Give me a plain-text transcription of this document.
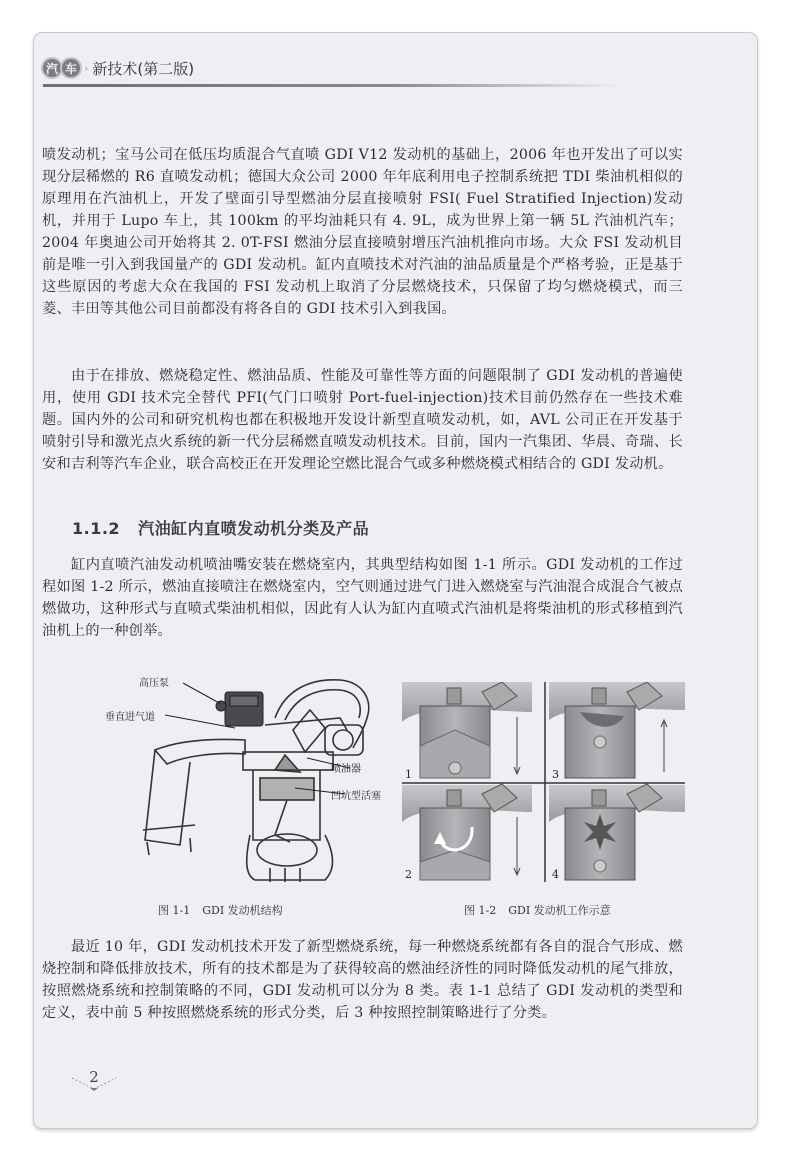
汽 车 › 新技术(第二版)

喷发动机；宝马公司在低压均质混合气直喷 GDI V12 发动机的基础上，2006 年也开发出了可以实现分层稀燃的 R6 直喷发动机；德国大众公司 2000 年年底利用电子控制系统把 TDI 柴油机相似的原理用在汽油机上，开发了壁面引导型燃油分层直接喷射 FSI( Fuel Stratified Injection)发动机，并用于 Lupo 车上，其 100km 的平均油耗只有 4. 9L，成为世界上第一辆 5L 汽油机汽车；2004 年奥迪公司开始将其 2. 0T-FSI 燃油分层直接喷射增压汽油机推向市场。大众 FSI 发动机目前是唯一引入到我国量产的 GDI 发动机。缸内直喷技术对汽油的油品质量是个严格考验，正是基于这些原因的考虑大众在我国的 FSI 发动机上取消了分层燃烧技术，只保留了均匀燃烧模式，而三菱、丰田等其他公司目前都没有将各自的 GDI 技术引入到我国。

由于在排放、燃烧稳定性、燃油品质、性能及可靠性等方面的问题限制了 GDI 发动机的普遍使用，使用 GDI 技术完全替代 PFI(气门口喷射 Port-fuel-injection)技术目前仍然存在一些技术难题。国内外的公司和研究机构也都在积极地开发设计新型直喷发动机，如，AVL 公司正在开发基于喷射引导和激光点火系统的新一代分层稀燃直喷发动机技术。目前，国内一汽集团、华晨、奇瑞、长安和吉利等汽车企业，联合高校正在开发理论空燃比混合气或多种燃烧模式相结合的 GDI 发动机。

1.1.2 汽油缸内直喷发动机分类及产品

缸内直喷汽油发动机喷油嘴安装在燃烧室内，其典型结构如图 1-1 所示。GDI 发动机的工作过程如图 1-2 所示，燃油直接喷注在燃烧室内，空气则通过进气门进入燃烧室与汽油混合成混合气被点燃做功，这种形式与直喷式柴油机相似，因此有人认为缸内直喷式汽油机是将柴油机的形式移植到汽油机上的一种创举。

高压泵
垂直进气道
喷油器
凹坑型活塞
图 1-1 GDI 发动机结构
1	3
2	4
图 1-2 GDI 发动机工作示意

最近 10 年，GDI 发动机技术开发了新型燃烧系统，每一种燃烧系统都有各自的混合气形成、燃烧控制和降低排放技术，所有的技术都是为了获得较高的燃油经济性的同时降低发动机的尾气排放，按照燃烧系统和控制策略的不同，GDI 发动机可以分为 8 类。表 1-1 总结了 GDI 发动机的类型和定义，表中前 5 种按照燃烧系统的形式分类，后 3 种按照控制策略进行了分类。

2
